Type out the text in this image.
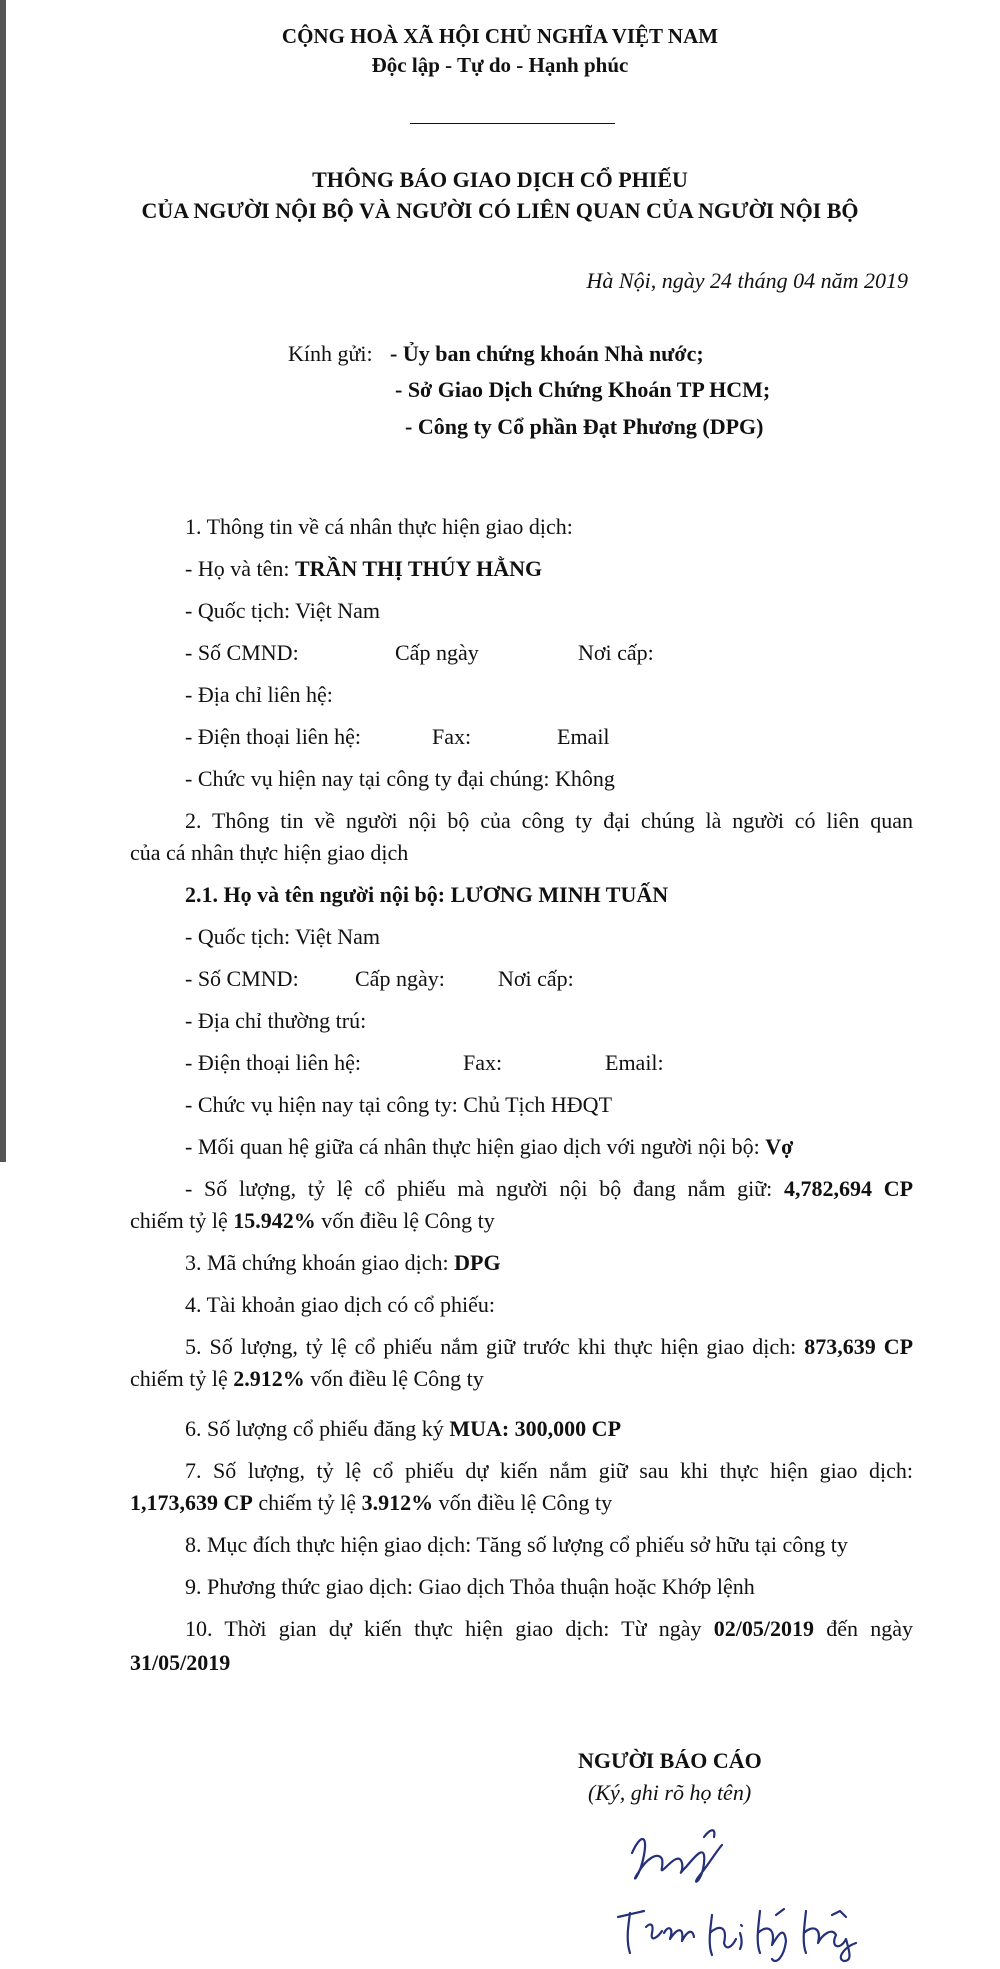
CỘNG HOÀ XÃ HỘI CHỦ NGHĨA VIỆT NAM
Độc lập - Tự do - Hạnh phúc
THÔNG BÁO GIAO DỊCH CỔ PHIẾU
CỦA NGƯỜI NỘI BỘ VÀ NGƯỜI CÓ LIÊN QUAN CỦA NGƯỜI NỘI BỘ
Hà Nội, ngày 24 tháng 04 năm 2019
Kính gửi: - Ủy ban chứng khoán Nhà nước;
- Sở Giao Dịch Chứng Khoán TP HCM;
- Công ty Cổ phần Đạt Phương (DPG)
1. Thông tin về cá nhân thực hiện giao dịch:
- Họ và tên: TRẦN THỊ THÚY HẰNG
- Quốc tịch: Việt Nam
- Số CMND:	Cấp ngày	Nơi cấp:
- Địa chỉ liên hệ:
- Điện thoại liên hệ:	Fax:	Email
- Chức vụ hiện nay tại công ty đại chúng: Không
2. Thông tin về người nội bộ của công ty đại chúng là người có liên quan
của cá nhân thực hiện giao dịch
2.1. Họ và tên người nội bộ: LƯƠNG MINH TUẤN
- Quốc tịch: Việt Nam
- Số CMND:	Cấp ngày: Nơi cấp:
- Địa chỉ thường trú:
- Điện thoại liên hệ:	Fax:	Email:
- Chức vụ hiện nay tại công ty: Chủ Tịch HĐQT
- Mối quan hệ giữa cá nhân thực hiện giao dịch với người nội bộ: Vợ
- Số lượng, tỷ lệ cổ phiếu mà người nội bộ đang nắm giữ: 4,782,694 CP
chiếm tỷ lệ 15.942% vốn điều lệ Công ty
3. Mã chứng khoán giao dịch: DPG
4. Tài khoản giao dịch có cổ phiếu:
5. Số lượng, tỷ lệ cổ phiếu nắm giữ trước khi thực hiện giao dịch: 873,639 CP
chiếm tỷ lệ 2.912% vốn điều lệ Công ty
6. Số lượng cổ phiếu đăng ký MUA: 300,000 CP
7. Số lượng, tỷ lệ cổ phiếu dự kiến nắm giữ sau khi thực hiện giao dịch:
1,173,639 CP chiếm tỷ lệ 3.912% vốn điều lệ Công ty
8. Mục đích thực hiện giao dịch: Tăng số lượng cổ phiếu sở hữu tại công ty
9. Phương thức giao dịch: Giao dịch Thỏa thuận hoặc Khớp lệnh
10. Thời gian dự kiến thực hiện giao dịch: Từ ngày 02/05/2019 đến ngày
31/05/2019
NGƯỜI BÁO CÁO
(Ký, ghi rõ họ tên)
